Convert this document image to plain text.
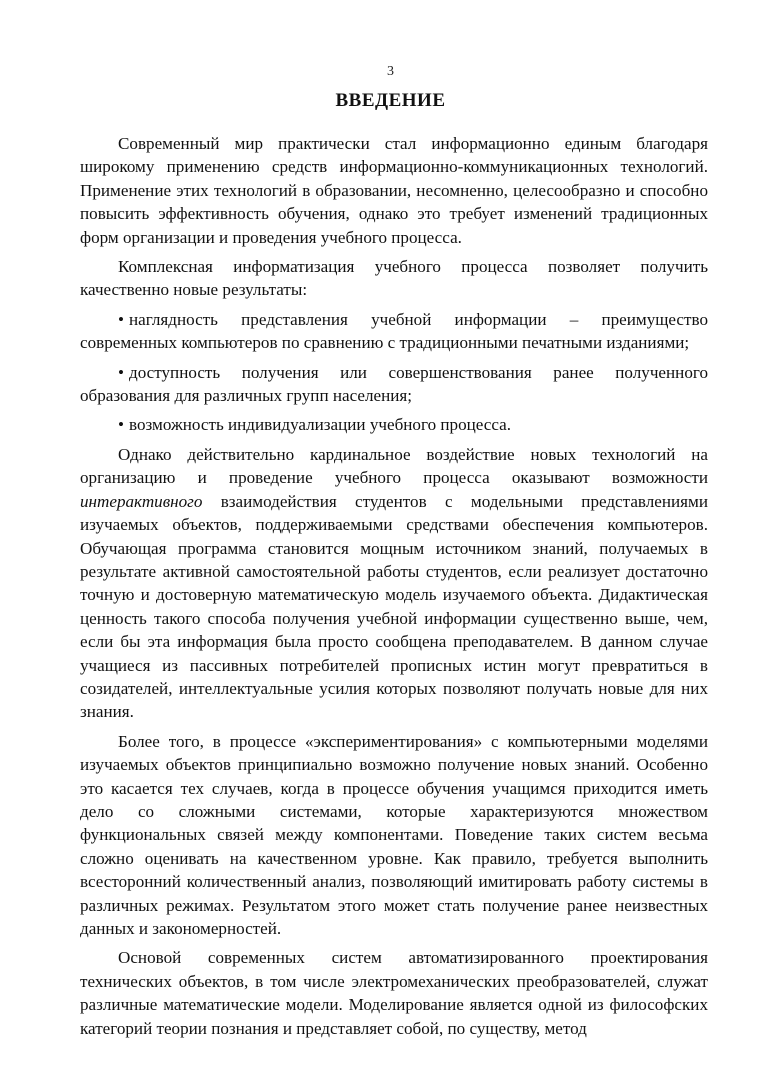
3
ВВЕДЕНИЕ

Современный мир практически стал информационно единым благодаря широкому применению средств информационно-коммуникационных технологий. Применение этих технологий в образовании, несомненно, целесообразно и способно повысить эффективность обучения, однако это требует изменений традиционных форм организации и проведения учебного процесса.

Комплексная информатизация учебного процесса позволяет получить качественно новые результаты:

• наглядность представления учебной информации – преимущество современных компьютеров по сравнению с традиционными печатными изданиями;

• доступность получения или совершенствования ранее полученного образования для различных групп населения;

• возможность индивидуализации учебного процесса.

Однако действительно кардинальное воздействие новых технологий на организацию и проведение учебного процесса оказывают возможности интерактивного взаимодействия студентов с модельными представлениями изучаемых объектов, поддерживаемыми средствами обеспечения компьютеров. Обучающая программа становится мощным источником знаний, получаемых в результате активной самостоятельной работы студентов, если реализует достаточно точную и достоверную математическую модель изучаемого объекта. Дидактическая ценность такого способа получения учебной информации существенно выше, чем, если бы эта информация была просто сообщена преподавателем. В данном случае учащиеся из пассивных потребителей прописных истин могут превратиться в созидателей, интеллектуальные усилия которых позволяют получать новые для них знания.

Более того, в процессе «экспериментирования» с компьютерными моделями изучаемых объектов принципиально возможно получение новых знаний. Особенно это касается тех случаев, когда в процессе обучения учащимся приходится иметь дело со сложными системами, которые характеризуются множеством функциональных связей между компонентами. Поведение таких систем весьма сложно оценивать на качественном уровне. Как правило, требуется выполнить всесторонний количественный анализ, позволяющий имитировать работу системы в различных режимах. Результатом этого может стать получение ранее неизвестных данных и закономерностей.

Основой современных систем автоматизированного проектирования технических объектов, в том числе электромеханических преобразователей, служат различные математические модели. Моделирование является одной из философских категорий теории познания и представляет собой, по существу, метод
